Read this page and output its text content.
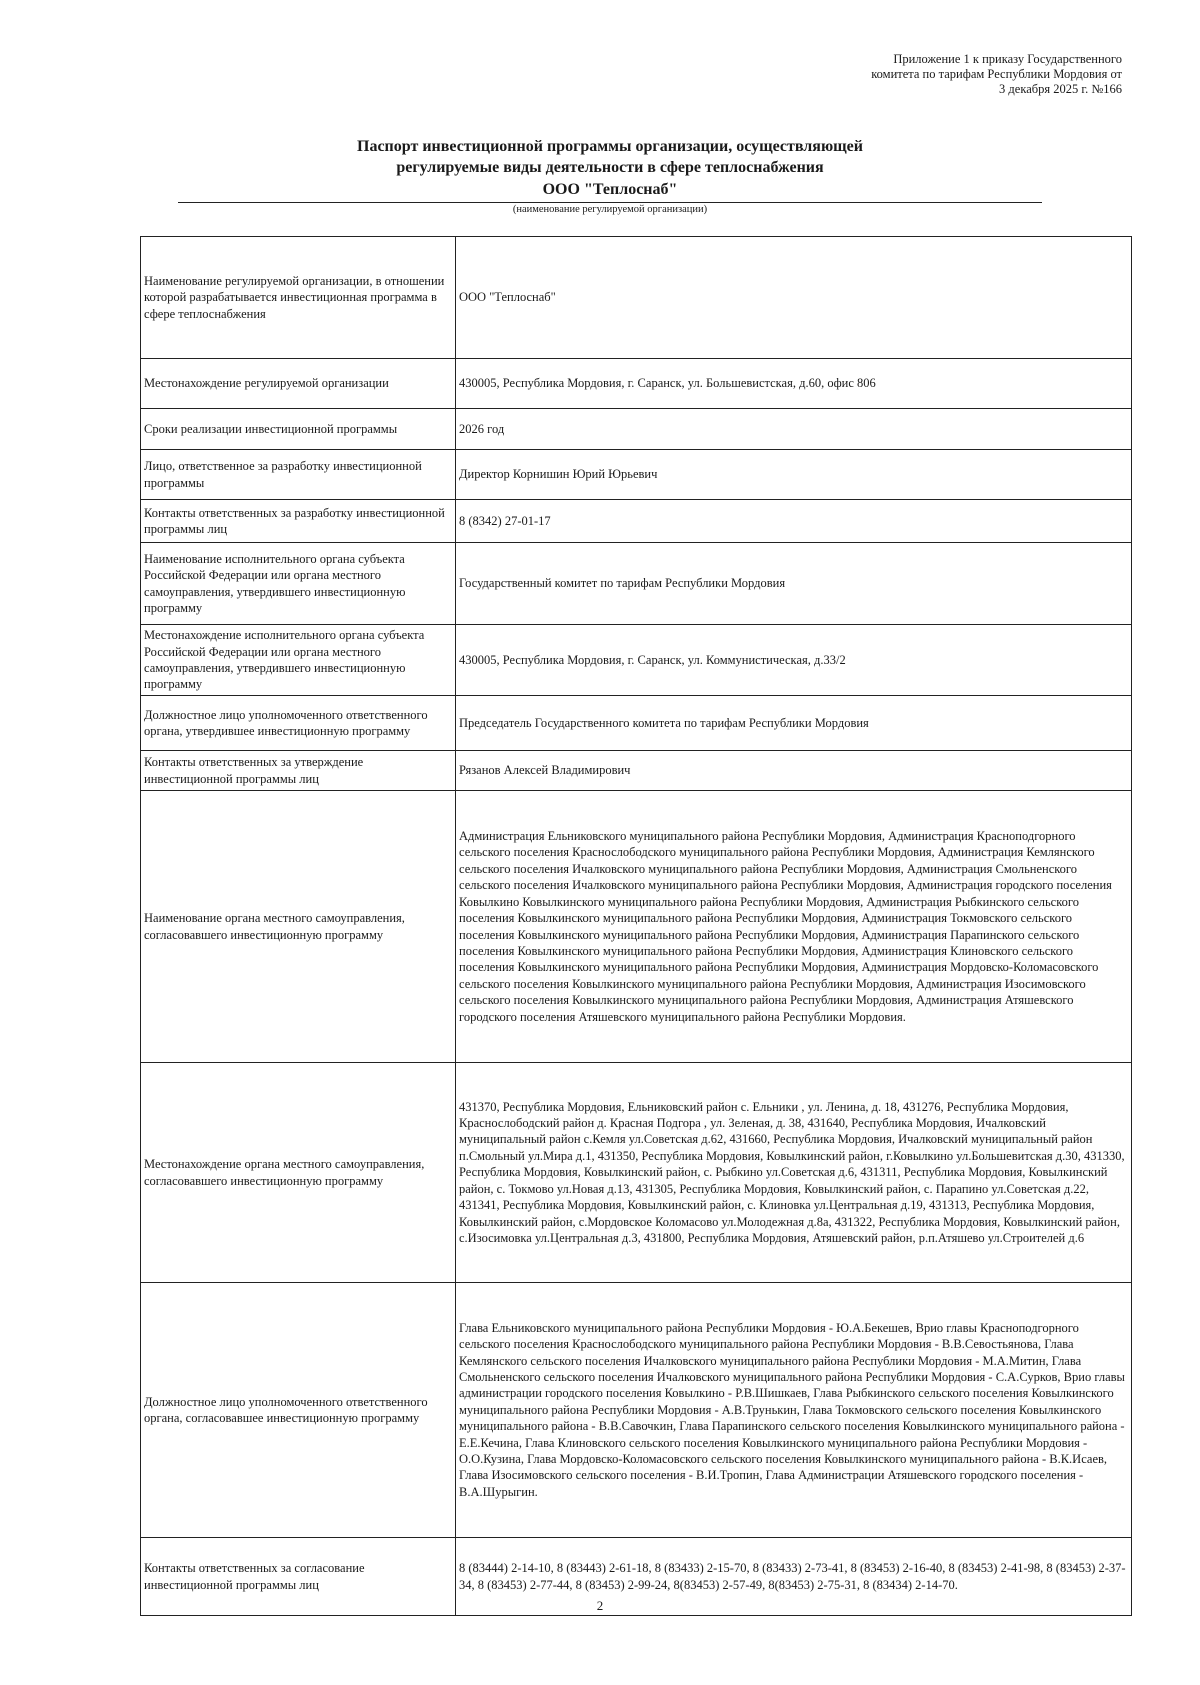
Приложение 1 к приказу Государственного
комитета по тарифам Республики Мордовия от
3 декабря 2025 г. №166
Паспорт инвестиционной программы организации, осуществляющей
регулируемые виды деятельности в сфере теплоснабжения
ООО "Теплоснаб"
(наименование регулируемой организации)
Наименование регулируемой организации, в отношении которой разрабатывается инвестиционная программа в сфере теплоснабжения	ООО "Теплоснаб"
Местонахождение регулируемой организации	430005, Республика Мордовия, г. Саранск, ул. Большевистская, д.60, офис 806
Сроки реализации инвестиционной программы	2026 год
Лицо, ответственное за разработку инвестиционной программы	Директор Корнишин Юрий Юрьевич
Контакты ответственных за разработку инвестиционной программы лиц	8 (8342) 27-01-17
Наименование исполнительного органа субъекта Российской Федерации или органа местного самоуправления, утвердившего инвестиционную программу	Государственный комитет по тарифам Республики Мордовия
Местонахождение исполнительного органа субъекта Российской Федерации или органа местного самоуправления, утвердившего инвестиционную программу	430005, Республика Мордовия, г. Саранск, ул. Коммунистическая, д.33/2
Должностное лицо уполномоченного ответственного органа, утвердившее инвестиционную программу	Председатель Государственного комитета по тарифам Республики Мордовия
Контакты ответственных за утверждение инвестиционной программы лиц	Рязанов Алексей Владимирович
Наименование органа местного самоуправления, согласовавшего инвестиционную программу	Администрация Ельниковского муниципального района Республики Мордовия, Администрация Красноподгорного сельского поселения Краснослободского муниципального района Республики Мордовия, Администрация Кемлянского сельского поселения Ичалковского муниципального района Республики Мордовия, Администрация Смольненского сельского поселения Ичалковского муниципального района Республики Мордовия, Администрация городского поселения Ковылкино Ковылкинского муниципального района Республики Мордовия, Администрация Рыбкинского сельского поселения Ковылкинского муниципального района Республики Мордовия, Администрация Токмовского сельского поселения Ковылкинского муниципального района Республики Мордовия, Администрация Парапинского сельского поселения Ковылкинского муниципального района Республики Мордовия, Администрация Клиновского сельского поселения Ковылкинского муниципального района Республики Мордовия, Администрация Мордовско-Коломасовского сельского поселения Ковылкинского муниципального района Республики Мордовия, Администрация Изосимовского сельского поселения Ковылкинского муниципального района Республики Мордовия, Администрация Атяшевского городского поселения Атяшевского муниципального района Республики Мордовия.
Местонахождение органа местного самоуправления, согласовавшего инвестиционную программу	431370, Республика Мордовия, Ельниковский район с. Ельники , ул. Ленина, д. 18, 431276, Республика Мордовия, Краснослободский район д. Красная Подгора , ул. Зеленая, д. 38, 431640, Республика Мордовия, Ичалковский муниципальный район с.Кемля ул.Советская д.62, 431660, Республика Мордовия, Ичалковский муниципальный район п.Смольный ул.Мира д.1, 431350, Республика Мордовия, Ковылкинский район, г.Ковылкино ул.Большевитская д.30, 431330, Республика Мордовия, Ковылкинский район, с. Рыбкино ул.Советская д.6, 431311, Республика Мордовия, Ковылкинский район, с. Токмово ул.Новая д.13, 431305, Республика Мордовия, Ковылкинский район, с. Парапино ул.Советская д.22, 431341, Республика Мордовия, Ковылкинский район, с. Клиновка ул.Центральная д.19, 431313, Республика Мордовия, Ковылкинский район, с.Мордовское Коломасово ул.Молодежная д.8а, 431322, Республика Мордовия, Ковылкинский район, с.Изосимовка ул.Центральная д.3, 431800, Республика Мордовия, Атяшевский район, р.п.Атяшево ул.Строителей д.6
Должностное лицо уполномоченного ответственного органа, согласовавшее инвестиционную программу	Глава Ельниковского муниципального района Республики Мордовия - Ю.А.Бекешев, Врио главы Красноподгорного сельского поселения Краснослободского муниципального района Республики Мордовия - В.В.Севостьянова, Глава Кемлянского сельского поселения Ичалковского муниципального района Республики Мордовия - М.А.Митин, Глава Смольненского сельского поселения Ичалковского муниципального района Республики Мордовия - С.А.Сурков, Врио главы администрации городского поселения Ковылкино - Р.В.Шишкаев, Глава Рыбкинского сельского поселения Ковылкинского муниципального района Республики Мордовия - А.В.Трунькин, Глава Токмовского сельского поселения Ковылкинского муниципального района - В.В.Савочкин, Глава Парапинского сельского поселения Ковылкинского муниципального района - Е.Е.Кечина, Глава Клиновского сельского поселения Ковылкинского муниципального района Республики Мордовия - О.О.Кузина, Глава Мордовско-Коломасовского сельского поселения Ковылкинского муниципального района - В.К.Исаев, Глава Изосимовского сельского поселения - В.И.Тропин, Глава Администрации Атяшевского городского поселения - В.А.Шурыгин.
Контакты ответственных за согласование инвестиционной программы лиц	8 (83444) 2-14-10, 8 (83443) 2-61-18, 8 (83433) 2-15-70, 8 (83433) 2-73-41, 8 (83453) 2-16-40, 8 (83453) 2-41-98, 8 (83453) 2-37-34, 8 (83453) 2-77-44, 8 (83453) 2-99-24, 8(83453) 2-57-49, 8(83453) 2-75-31, 8 (83434) 2-14-70.
2
